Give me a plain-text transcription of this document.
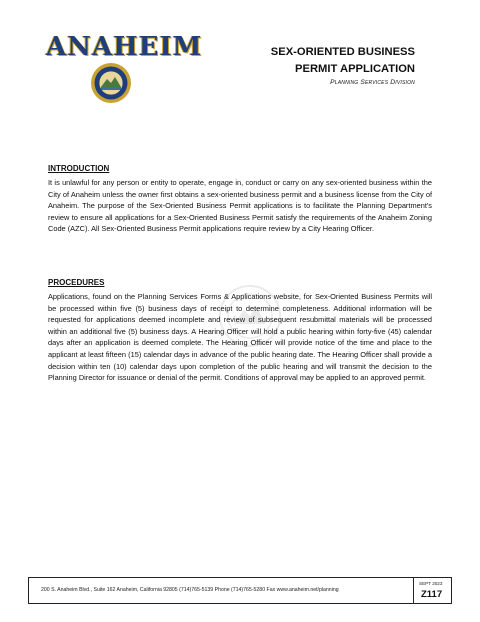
ANAHEIM	SEX-ORIENTED BUSINESS
PERMIT APPLICATION
Planning Services Division

INTRODUCTION

It is unlawful for any person or entity to operate, engage in, conduct or carry on any sex-oriented business within the City of Anaheim unless the owner first obtains a sex-oriented business permit and a business license from the City of Anaheim. The purpose of the Sex-Oriented Business Permit applications is to facilitate the Planning Department's review to ensure all applications for a Sex-Oriented Business Permit satisfy the requirements of the Anaheim Zoning Code (AZC). All Sex-Oriented Business Permit applications require review by a City Hearing Officer.

PROCEDURES

Applications, found on the Planning Services Forms & Applications website, for Sex-Oriented Business Permits will be processed within five (5) business days of receipt to determine completeness. Additional information will be requested for applications deemed incomplete and review of subsequent resubmittal materials will be processed within an additional five (5) business days. A Hearing Officer will hold a public hearing within forty-five (45) calendar days after an application is deemed complete. The Hearing Officer will provide notice of the time and place to the applicant at least fifteen (15) calendar days in advance of the public hearing date. The Hearing Officer shall provide a decision within ten (10) calendar days upon completion of the public hearing and will transmit the decision to the Planning Director for issuance or denial of the permit. Conditions of approval may be applied to an approved permit.

200 S. Anaheim Blvd., Suite 162 Anaheim, California 92805 (714)765-5139 Phone (714)765-5280 Fax www.anaheim.net/planning
SEPT 2023
Z117
